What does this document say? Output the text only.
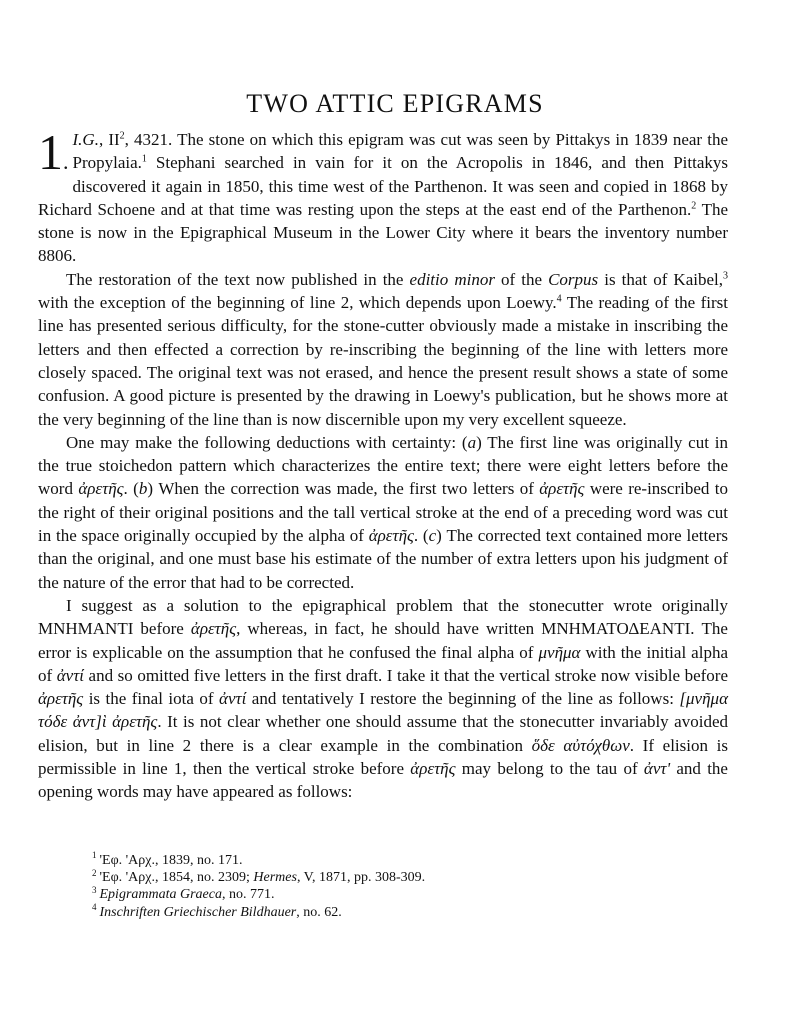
TWO ATTIC EPIGRAMS

1.
I.G., $II^2$, 4321. The stone on which this epigram was cut was seen by Pittakys in 1839 near the Propylaia.$^1$ Stephani searched in vain for it on the Acropolis in 1846, and then Pittakys discovered it again in 1850, this time west of the Parthenon. It was seen and copied in 1868 by Richard Schoene and at that time was resting upon the steps at the east end of the Parthenon.$^2$ The stone is now in the Epigraphical Museum in the Lower City where it bears the inventory number 8806.

The restoration of the text now published in the editio minor of the Corpus is that of Kaibel,$^3$ with the exception of the beginning of line 2, which depends upon Loewy.$^4$ The reading of the first line has presented serious difficulty, for the stone-cutter obviously made a mistake in inscribing the letters and then effected a correction by re-inscribing the beginning of the line with letters more closely spaced. The original text was not erased, and hence the present result shows a state of some confusion. A good picture is presented by the drawing in Loewy's publication, but he shows more at the very beginning of the line than is now discernible upon my very excellent squeeze.

One may make the following deductions with certainty: (a) The first line was originally cut in the true stoichedon pattern which characterizes the entire text; there were eight letters before the word ἀρετῆς. (b) When the correction was made, the first two letters of ἀρετῆς were re-inscribed to the right of their original positions and the tall vertical stroke at the end of a preceding word was cut in the space originally occupied by the alpha of ἀρετῆς. (c) The corrected text contained more letters than the original, and one must base his estimate of the number of extra letters upon his judgment of the nature of the error that had to be corrected.

I suggest as a solution to the epigraphical problem that the stonecutter wrote originally ΜΝΗΜΑΝΤΙ before ἀρετῆς, whereas, in fact, he should have written ΜΝΗΜΑΤΟΔΕΑΝΤΙ. The error is explicable on the assumption that he confused the final alpha of μνῆμα with the initial alpha of ἀντί and so omitted five letters in the first draft. I take it that the vertical stroke now visible before ἀρετῆς is the final iota of ἀντί and tentatively I restore the beginning of the line as follows: [μνῆμα τόδε ἀντ]ὶ ἀρετῆς. It is not clear whether one should assume that the stonecutter invariably avoided elision, but in line 2 there is a clear example in the combination ὅδε αὐτόχθων. If elision is permissible in line 1, then the vertical stroke before ἀρετῆς may belong to the tau of ἀντ' and the opening words may have appeared as follows:

$^1$ 'Εφ. 'Αρχ., 1839, no. 171.
$^2$ 'Εφ. 'Αρχ., 1854, no. 2309; Hermes, V, 1871, pp. 308-309.
$^3$ Epigrammata Graeca, no. 771.
$^4$ Inschriften Griechischer Bildhauer, no. 62.
